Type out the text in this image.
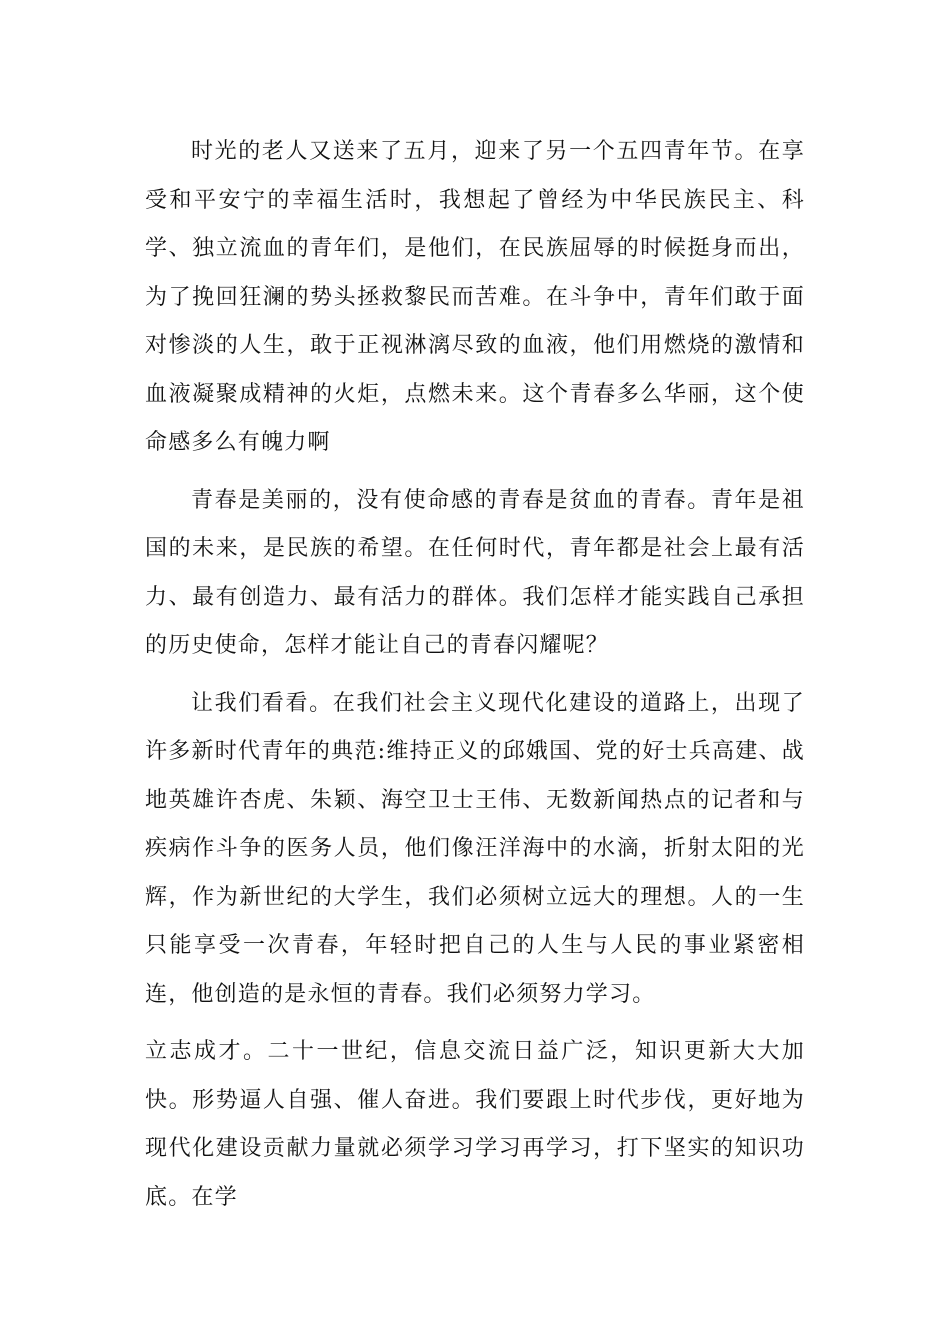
时光的老人又送来了五月，迎来了另一个五四青年节。在享受和平安宁的幸福生活时，我想起了曾经为中华民族民主、科学、独立流血的青年们，是他们，在民族屈辱的时候挺身而出，为了挽回狂澜的势头拯救黎民而苦难。在斗争中，青年们敢于面对惨淡的人生，敢于正视淋漓尽致的血液，他们用燃烧的激情和血液凝聚成精神的火炬，点燃未来。这个青春多么华丽，这个使命感多么有魄力啊

青春是美丽的，没有使命感的青春是贫血的青春。青年是祖国的未来，是民族的希望。在任何时代，青年都是社会上最有活力、最有创造力、最有活力的群体。我们怎样才能实践自己承担的历史使命，怎样才能让自己的青春闪耀呢？

让我们看看。在我们社会主义现代化建设的道路上，出现了许多新时代青年的典范:维持正义的邱娥国、党的好士兵高建、战地英雄许杏虎、朱颖、海空卫士王伟、无数新闻热点的记者和与疾病作斗争的医务人员，他们像汪洋海中的水滴，折射太阳的光辉，作为新世纪的大学生，我们必须树立远大的理想。人的一生只能享受一次青春，年轻时把自己的人生与人民的事业紧密相连，他创造的是永恒的青春。我们必须努力学习。

立志成才。二十一世纪，信息交流日益广泛，知识更新大大加快。形势逼人自强、催人奋进。我们要跟上时代步伐，更好地为现代化建设贡献力量就必须学习学习再学习，打下坚实的知识功底。在学
